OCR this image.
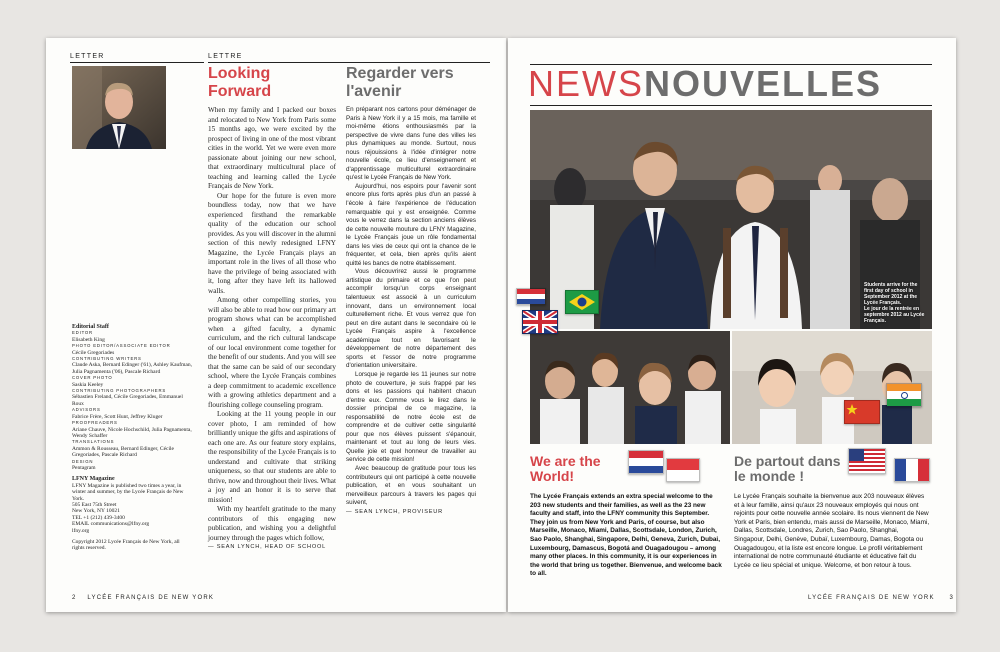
LETTER	LETTRE
Looking Forward
Regarder vers l'avenir

When my family and I packed our boxes and relocated to New York from Paris some 15 months ago, we were excited by the prospect of living in one of the most vibrant cities in the world. Yet we were even more passionate about joining our new school, that extraordinary multicultural place of teaching and learning called the Lycée Français de New York.

Our hope for the future is even more boundless today, now that we have experienced firsthand the remarkable quality of the education our school provides. As you will discover in the alumni section of this newly redesigned LFNY Magazine, the Lycée Français plays an important role in the lives of all those who have the privilege of being associated with it, long after they have left its hallowed walls.

Among other compelling stories, you will also be able to read how our primary art program shows what can be accomplished when a gifted faculty, a dynamic curriculum, and the rich cultural landscape of our local environment come together for the benefit of our students. And you will see that the same can be said of our secondary school, where the Lycée Français combines a deep commitment to academic excellence with a growing athletics department and a flourishing college counseling program.

Looking at the 11 young people in our cover photo, I am reminded of how brilliantly unique the gifts and aspirations of each one are. As our feature story explains, the responsibility of the Lycée Français is to understand and cultivate that striking uniqueness, so that our students are able to thrive, now and throughout their lives. What a joy and an honor it is to serve that mission!

With my heartfelt gratitude to the many contributors of this engaging new publication, and wishing you a delightful journey through the pages which follow,

— SEAN LYNCH, HEAD OF SCHOOL

En préparant nos cartons pour déménager de Paris à New York il y a 15 mois, ma famille et moi-même étions enthousiasmés par la perspective de vivre dans l'une des villes les plus dynamiques au monde. Surtout, nous nous réjouissions à l'idée d'intégrer notre nouvelle école, ce lieu d'enseignement et d'apprentissage multiculturel extraordinaire qu'est le Lycée Français de New York.

Aujourd'hui, nos espoirs pour l'avenir sont encore plus forts après plus d'un an passé à l'école à faire l'expérience de l'éducation remarquable qui y est enseignée. Comme vous le verrez dans la section anciens élèves de cette nouvelle mouture du LFNY Magazine, le Lycée Français joue un rôle fondamental dans les vies de ceux qui ont la chance de le fréquenter, et cela, bien après qu'ils aient quitté les bancs de notre établissement.

Vous découvrirez aussi le programme artistique du primaire et ce que l'on peut accomplir lorsqu'un corps enseignant talentueux est associé à un curriculum innovant, dans un environnement local culturellement riche. Et vous verrez que l'on peut en dire autant dans le secondaire où le Lycée Français aspire à l'excellence académique tout en favorisant le développement de notre département des sports et l'essor de notre programme d'orientation universitaire.

Lorsque je regarde les 11 jeunes sur notre photo de couverture, je suis frappé par les dons et les passions qui habitent chacun d'entre eux. Comme vous le lirez dans le dossier principal de ce magazine, la responsabilité de notre école est de comprendre et de cultiver cette singularité pour que nos élèves puissent s'épanouir, maintenant et tout au long de leurs vies. Quelle joie et quel honneur de travailler au service de cette mission!

Avec beaucoup de gratitude pour tous les contributeurs qui ont participé à cette nouvelle publication, et en vous souhaitant un merveilleux parcours à travers les pages qui suivent,

— SEAN LYNCH, PROVISEUR

Editorial Staff
EDITOR
Elisabeth King
PHOTO EDITOR/ASSOCIATE EDITOR
Cécile Gregoriades
CONTRIBUTING WRITERS
Claude Aska, Bernard Edinger ('61), Ashley Kaufman, Julia Pagnamenta ('06), Pascale Richard
COVER PHOTO
Saskia Keeley
CONTRIBUTING PHOTOGRAPHERS
Sébastien Freland, Cécile Gregoriades, Emmanuel Roux
ADVISORS
Fabrice Frère, Scott Hunt, Jeffrey Kluger
PROOFREADERS
Ariane Chauve, Nicole Hochschild, Julia Pagnamenta, Wendy Schaffer
TRANSLATIONS
Ammon & Rousseau, Bernard Edinger, Cécile Gregoriades, Pascale Richard
DESIGN
Pentagram
LFNY Magazine
LFNY Magazine is published two times a year, in winter and summer, by the Lycée Français de New York.
505 East 75th Street
New York, NY 10021
TEL +1 (212) 439-3400
EMAIL communications@lfny.org
lfny.org
Copyright 2012 Lycée Français de New York, all rights reserved.
2 LYCÉE FRANÇAIS DE NEW YORK
NEWSNOUVELLES
Students arrive for the first day of school in September 2012 at the Lycée Français.
Le jour de la rentrée en septembre 2012 au Lycée Français.
We are the World!
De partout dans le monde !
The Lycée Français extends an extra special welcome to the 203 new students and their families, as well as the 23 new faculty and staff, into the LFNY community this September. They join us from New York and Paris, of course, but also Marseille, Monaco, Miami, Dallas, Scottsdale, London, Zurich, Sao Paolo, Shanghai, Singapore, Delhi, Geneva, Zurich, Dubai, Luxembourg, Damascus, Bogotá and Ouagadougou – among many other places. In this community, it is our experiences in the world that bring us together. Bienvenue, and welcome back to all.
Le Lycée Français souhaite la bienvenue aux 203 nouveaux élèves et à leur famille, ainsi qu'aux 23 nouveaux employés qui nous ont rejoints pour cette nouvelle année scolaire. Ils nous viennent de New York et Paris, bien entendu, mais aussi de Marseille, Monaco, Miami, Dallas, Scottsdale, Londres, Zurich, Sao Paolo, Shanghai, Singapour, Delhi, Genève, Dubaï, Luxembourg, Damas, Bogota ou Ouagadougou, et la liste est encore longue. Le profil véritablement international de notre communauté étudiante et éducative fait du Lycée ce lieu spécial et unique. Welcome, et bon retour à tous.
LYCÉE FRANÇAIS DE NEW YORK 3
